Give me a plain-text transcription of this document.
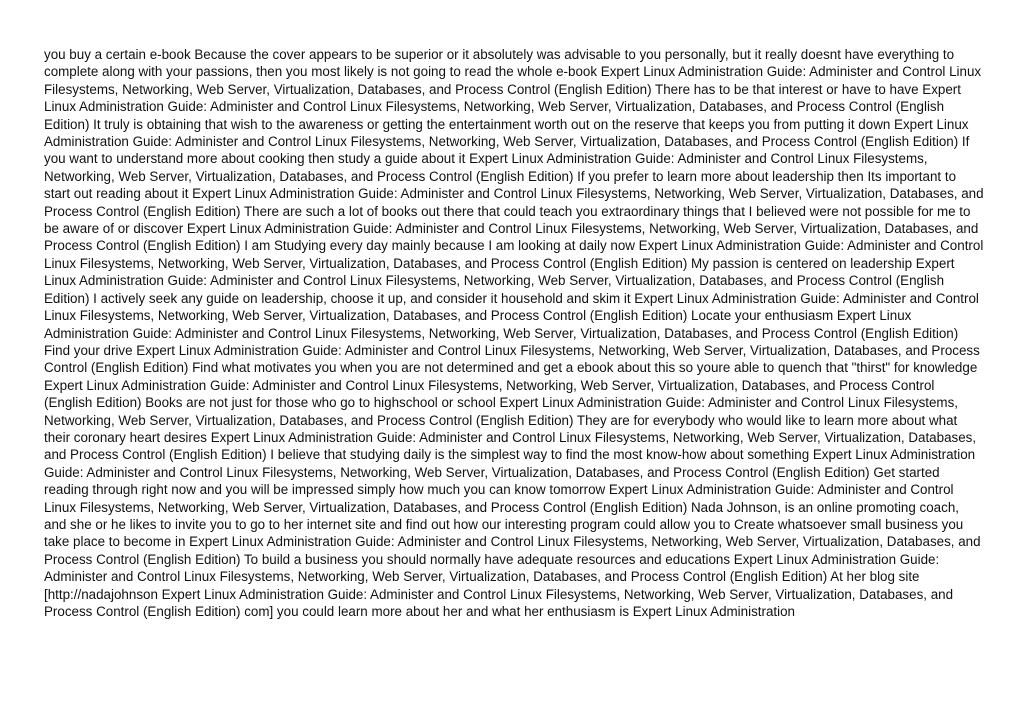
you buy a certain e-book Because the cover appears to be superior or it absolutely was advisable to you personally, but it really doesnt have everything to complete along with your passions, then you most likely is not going to read the whole e-book Expert Linux Administration Guide: Administer and Control Linux Filesystems, Networking, Web Server, Virtualization, Databases, and Process Control (English Edition) There has to be that interest or have to have Expert Linux Administration Guide: Administer and Control Linux Filesystems, Networking, Web Server, Virtualization, Databases, and Process Control (English Edition) It truly is obtaining that wish to the awareness or getting the entertainment worth out on the reserve that keeps you from putting it down Expert Linux Administration Guide: Administer and Control Linux Filesystems, Networking, Web Server, Virtualization, Databases, and Process Control (English Edition) If you want to understand more about cooking then study a guide about it Expert Linux Administration Guide: Administer and Control Linux Filesystems, Networking, Web Server, Virtualization, Databases, and Process Control (English Edition) If you prefer to learn more about leadership then Its important to start out reading about it Expert Linux Administration Guide: Administer and Control Linux Filesystems, Networking, Web Server, Virtualization, Databases, and Process Control (English Edition) There are such a lot of books out there that could teach you extraordinary things that I believed were not possible for me to be aware of or discover Expert Linux Administration Guide: Administer and Control Linux Filesystems, Networking, Web Server, Virtualization, Databases, and Process Control (English Edition) I am Studying every day mainly because I am looking at daily now Expert Linux Administration Guide: Administer and Control Linux Filesystems, Networking, Web Server, Virtualization, Databases, and Process Control (English Edition) My passion is centered on leadership Expert Linux Administration Guide: Administer and Control Linux Filesystems, Networking, Web Server, Virtualization, Databases, and Process Control (English Edition) I actively seek any guide on leadership, choose it up, and consider it household and skim it Expert Linux Administration Guide: Administer and Control Linux Filesystems, Networking, Web Server, Virtualization, Databases, and Process Control (English Edition) Locate your enthusiasm Expert Linux Administration Guide: Administer and Control Linux Filesystems, Networking, Web Server, Virtualization, Databases, and Process Control (English Edition) Find your drive Expert Linux Administration Guide: Administer and Control Linux Filesystems, Networking, Web Server, Virtualization, Databases, and Process Control (English Edition) Find what motivates you when you are not determined and get a ebook about this so youre able to quench that "thirst" for knowledge Expert Linux Administration Guide: Administer and Control Linux Filesystems, Networking, Web Server, Virtualization, Databases, and Process Control (English Edition) Books are not just for those who go to highschool or school Expert Linux Administration Guide: Administer and Control Linux Filesystems, Networking, Web Server, Virtualization, Databases, and Process Control (English Edition) They are for everybody who would like to learn more about what their coronary heart desires Expert Linux Administration Guide: Administer and Control Linux Filesystems, Networking, Web Server, Virtualization, Databases, and Process Control (English Edition) I believe that studying daily is the simplest way to find the most know-how about something Expert Linux Administration Guide: Administer and Control Linux Filesystems, Networking, Web Server, Virtualization, Databases, and Process Control (English Edition) Get started reading through right now and you will be impressed simply how much you can know tomorrow Expert Linux Administration Guide: Administer and Control Linux Filesystems, Networking, Web Server, Virtualization, Databases, and Process Control (English Edition) Nada Johnson, is an online promoting coach, and she or he likes to invite you to go to her internet site and find out how our interesting program could allow you to Create whatsoever small business you take place to become in Expert Linux Administration Guide: Administer and Control Linux Filesystems, Networking, Web Server, Virtualization, Databases, and Process Control (English Edition) To build a business you should normally have adequate resources and educations Expert Linux Administration Guide: Administer and Control Linux Filesystems, Networking, Web Server, Virtualization, Databases, and Process Control (English Edition) At her blog site [http://nadajohnson Expert Linux Administration Guide: Administer and Control Linux Filesystems, Networking, Web Server, Virtualization, Databases, and Process Control (English Edition) com] you could learn more about her and what her enthusiasm is Expert Linux Administration
